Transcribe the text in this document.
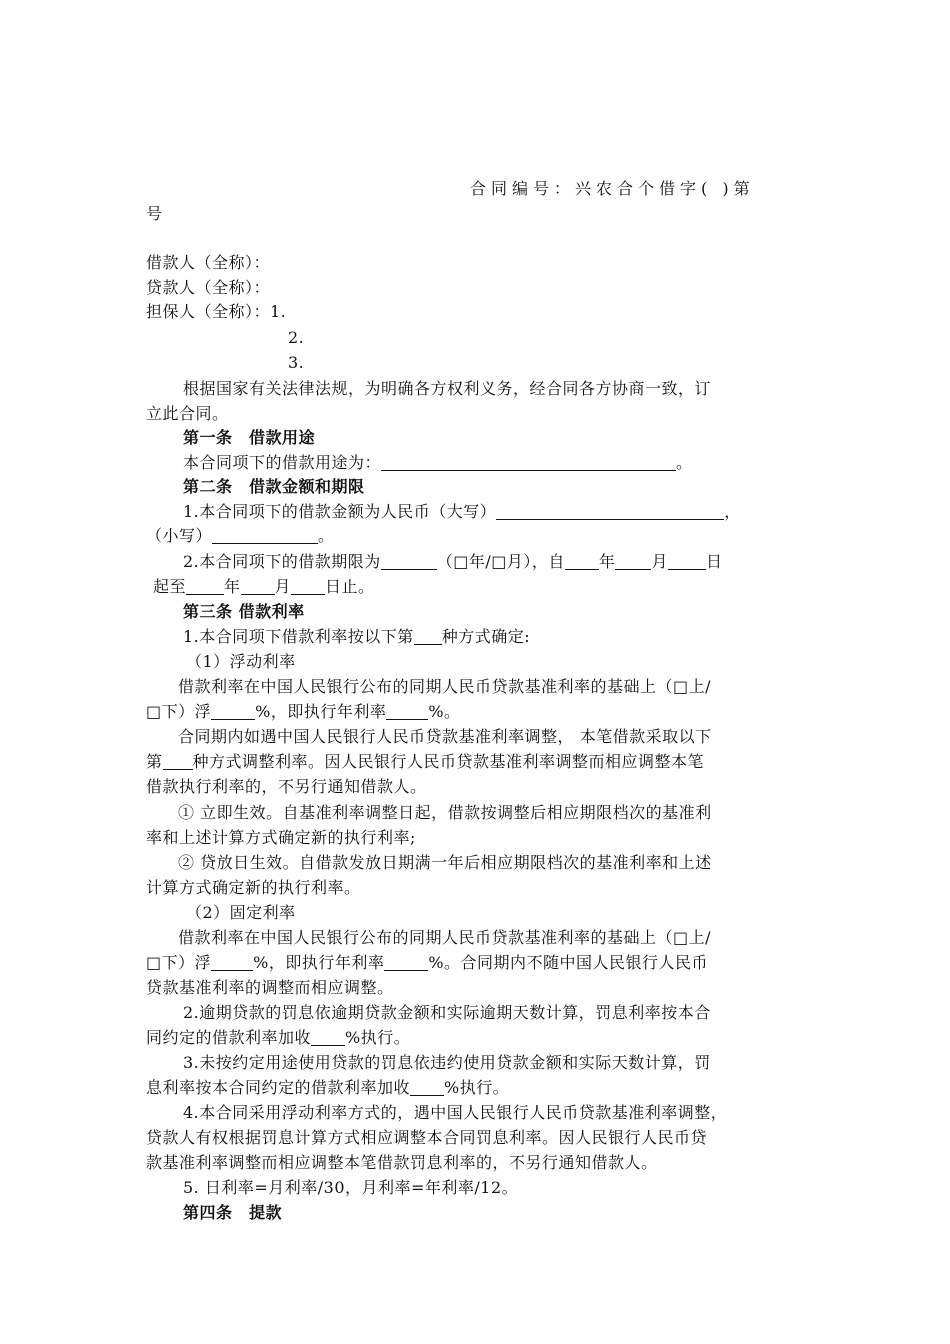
合同编号：兴农合个借字( )第
号
借款人（全称）：
贷款人（全称）：
担保人（全称）：1.
2.
3.
根据国家有关法律法规，为明确各方权利义务，经合同各方协商一致，订
立此合同。
第一条　借款用途
本合同项下的借款用途为：	。
第二条　借款金额和期限
1.本合同项下的借款金额为人民币（大写）	，
（小写）	。
2.本合同项下的借款期限为	（□年/□月），自 年 月 日
起至 年 月 日止。
第三条 借款利率
1.本合同项下借款利率按以下第 种方式确定:
（1）浮动利率
借款利率在中国人民银行公布的同期人民币贷款基准利率的基础上（□上/
□下）浮	%，即执行年利率	%。
合同期内如遇中国人民银行人民币贷款基准利率调整， 本笔借款采取以下
第 种方式调整利率。因人民银行人民币贷款基准利率调整而相应调整本笔
借款执行利率的，不另行通知借款人。
① 立即生效。自基准利率调整日起，借款按调整后相应期限档次的基准利
率和上述计算方式确定新的执行利率;
② 贷放日生效。自借款发放日期满一年后相应期限档次的基准利率和上述
计算方式确定新的执行利率。
（2）固定利率
借款利率在中国人民银行公布的同期人民币贷款基准利率的基础上（□上/
□下）浮	%，即执行年利率	%。合同期内不随中国人民银行人民币
贷款基准利率的调整而相应调整。
2.逾期贷款的罚息依逾期贷款金额和实际逾期天数计算，罚息利率按本合
同约定的借款利率加收 %执行。
3.未按约定用途使用贷款的罚息依违约使用贷款金额和实际天数计算，罚
息利率按本合同约定的借款利率加收 %执行。
4.本合同采用浮动利率方式的，遇中国人民银行人民币贷款基准利率调整，
贷款人有权根据罚息计算方式相应调整本合同罚息利率。因人民银行人民币贷
款基准利率调整而相应调整本笔借款罚息利率的，不另行通知借款人。
5. 日利率=月利率/30，月利率=年利率/12。
第四条　提款
